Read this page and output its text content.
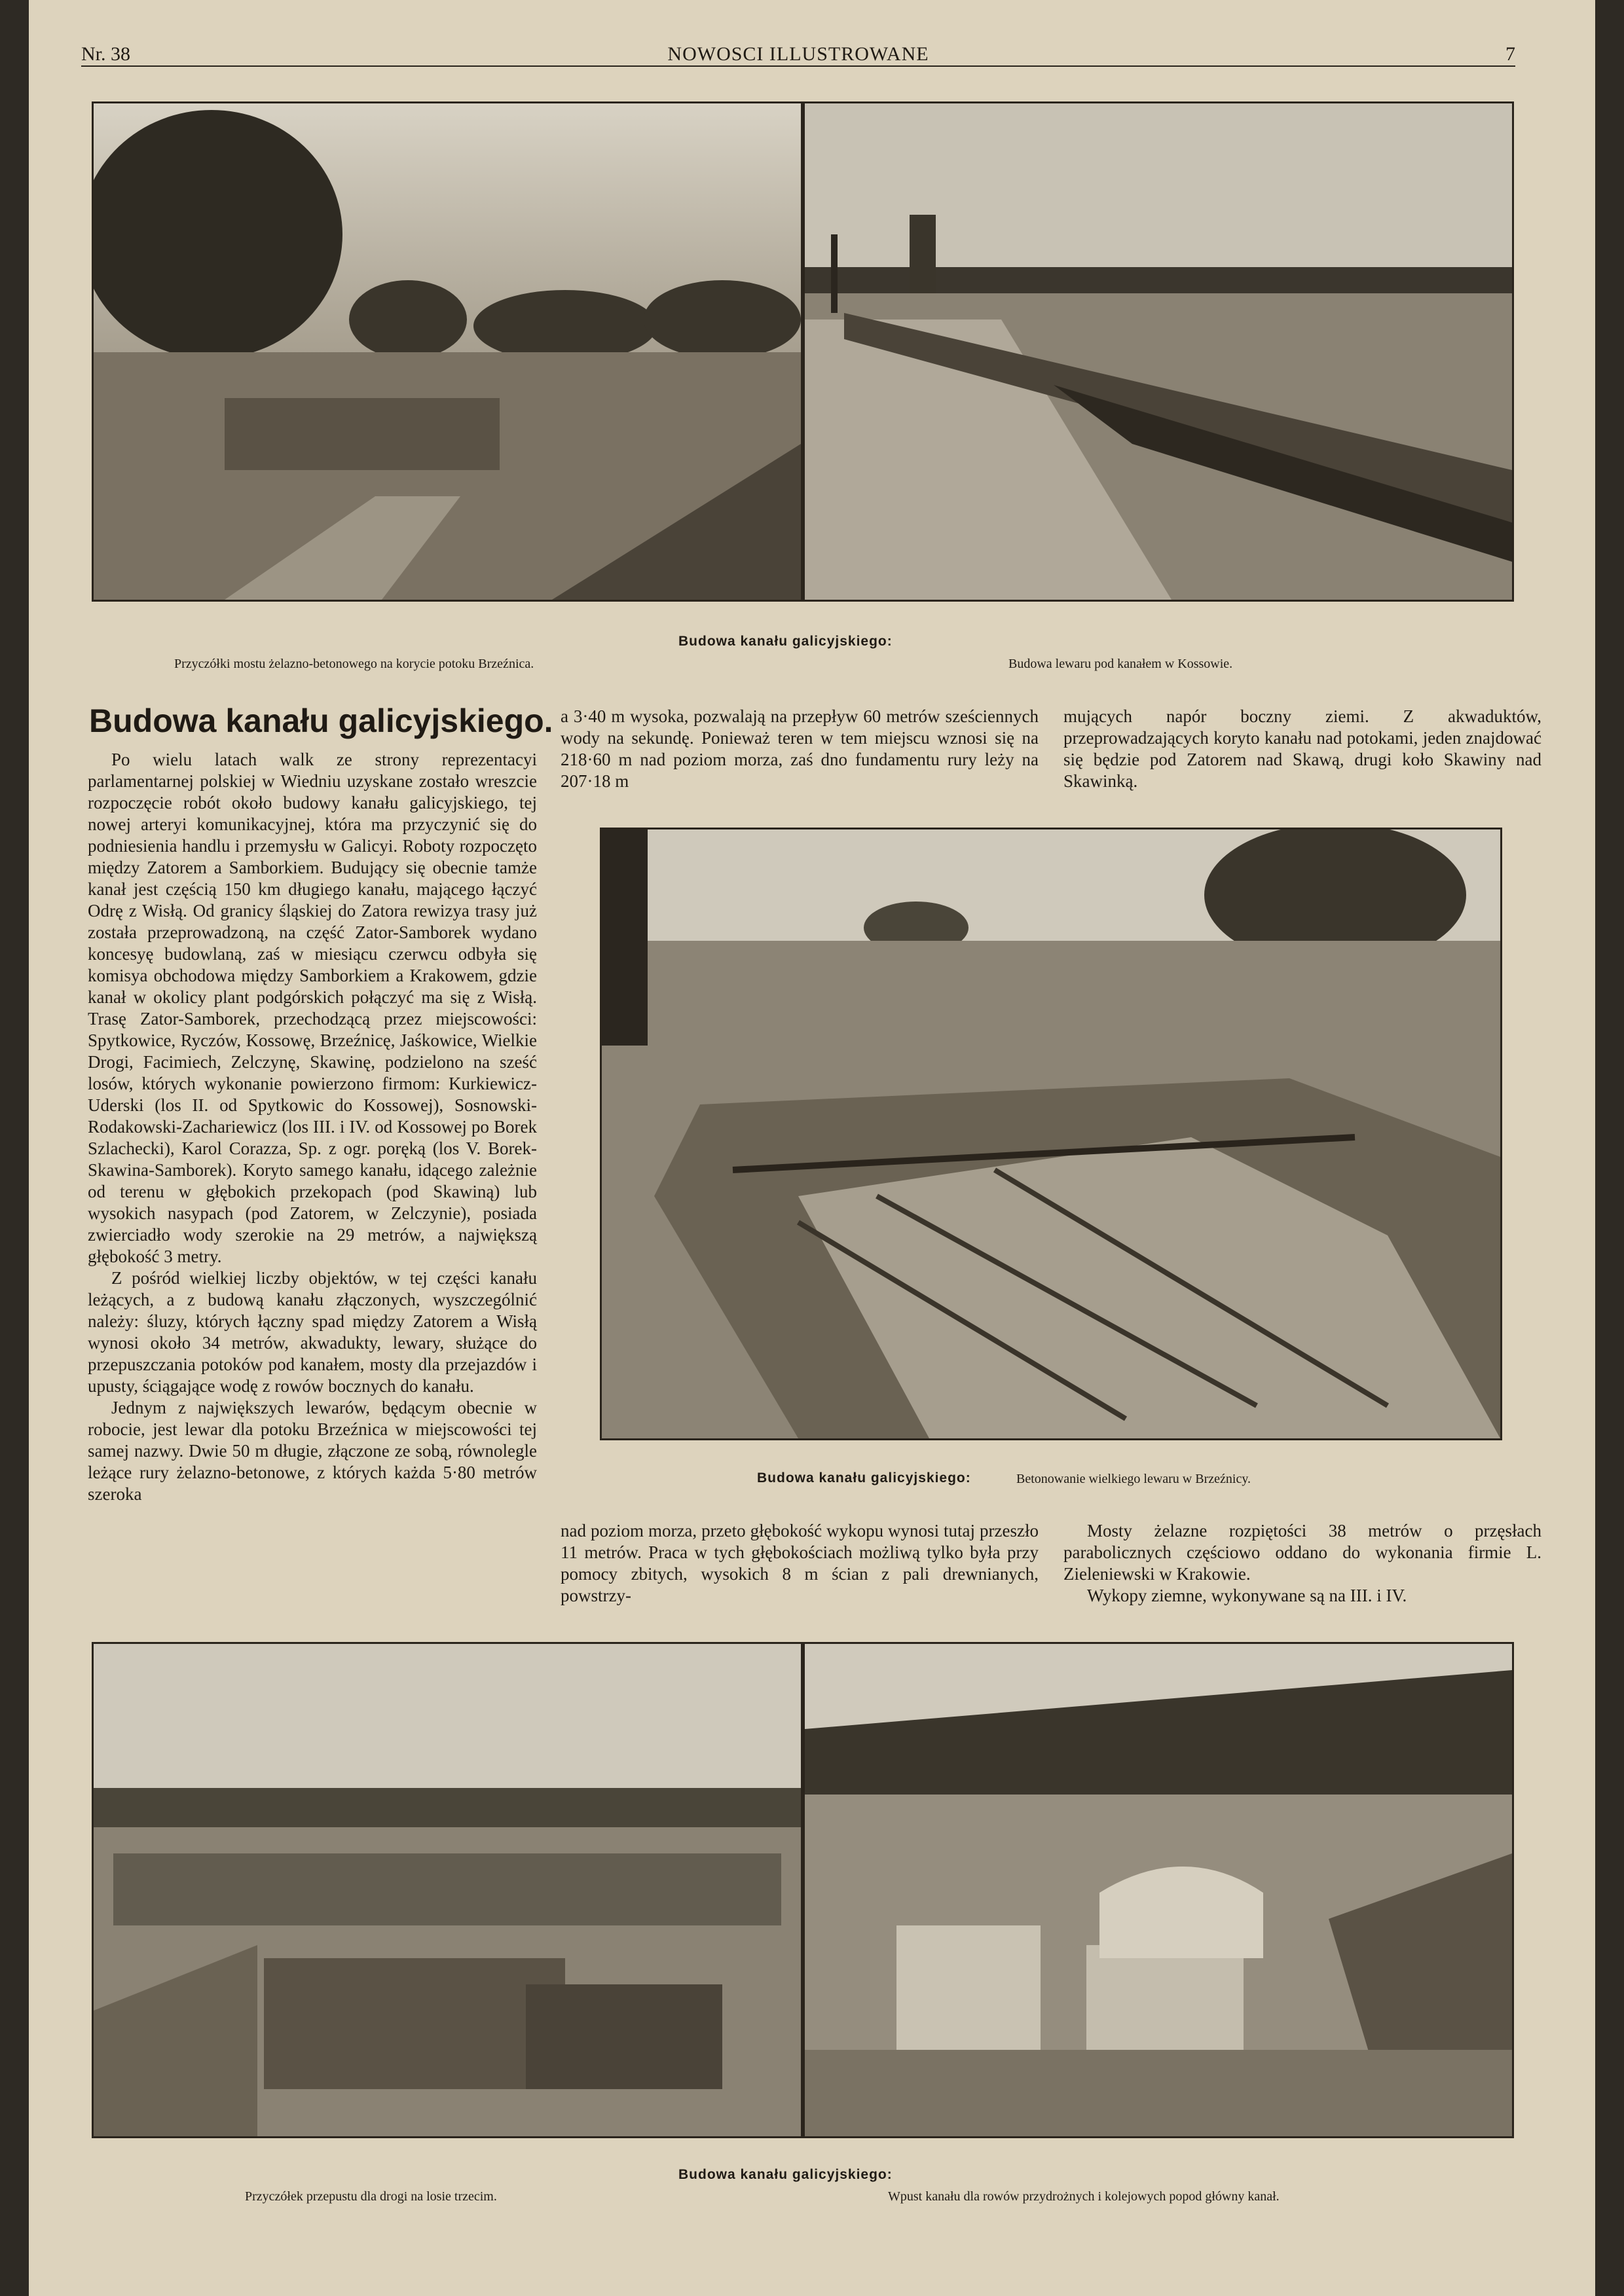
Nr. 38	NOWOSCI ILLUSTROWANE	7
Budowa kanału galicyjskiego:
Przyczółki mostu żelazno-betonowego na korycie potoku Brzeźnica.	Budowa lewaru pod kanałem w Kossowie.
Budowa kanału galicyjskiego.

Po wielu latach walk ze strony reprezentacyi parlamentarnej polskiej w Wiedniu uzyskane zostało wreszcie rozpoczęcie robót około budowy kanału galicyjskiego, tej nowej arteryi komunikacyjnej, która ma przyczynić się do podniesienia handlu i przemysłu w Galicyi. Roboty rozpoczęto między Zatorem a Samborkiem. Budujący się obecnie tamże kanał jest częścią 150 km długiego kanału, mającego łączyć Odrę z Wisłą. Od granicy śląskiej do Zatora rewizya trasy już została przeprowadzoną, na część Zator-Samborek wydano koncesyę budowlaną, zaś w miesiącu czerwcu odbyła się komisya obchodowa między Samborkiem a Krakowem, gdzie kanał w okolicy plant podgórskich połączyć ma się z Wisłą. Trasę Zator-Samborek, przechodzącą przez miejscowości: Spytkowice, Ryczów, Kossowę, Brzeźnicę, Jaśkowice, Wielkie Drogi, Facimiech, Zelczynę, Skawinę, podzielono na sześć losów, których wykonanie powierzono firmom: Kurkiewicz-Uderski (los II. od Spytkowic do Kossowej), Sosnowski-Rodakowski-Zachariewicz (los III. i IV. od Kossowej po Borek Szlachecki), Karol Corazza, Sp. z ogr. poręką (los V. Borek-Skawina-Samborek). Koryto samego kanału, idącego zależnie od terenu w głębokich przekopach (pod Skawiną) lub wysokich nasypach (pod Zatorem, w Zelczynie), posiada zwierciadło wody szerokie na 29 metrów, a największą głębokość 3 metry.

Z pośród wielkiej liczby objektów, w tej części kanału leżących, a z budową kanału złączonych, wyszczególnić należy: śluzy, których łączny spad między Zatorem a Wisłą wynosi około 34 metrów, akwadukty, lewary, służące do przepuszczania potoków pod kanałem, mosty dla przejazdów i upusty, ściągające wodę z rowów bocznych do kanału.

Jednym z największych lewarów, będącym obecnie w robocie, jest lewar dla potoku Brzeźnica w miejscowości tej samej nazwy. Dwie 50 m długie, złączone ze sobą, równolegle leżące rury żelazno-betonowe, z których każda 5·80 metrów szeroka

a 3·40 m wysoka, pozwalają na przepływ 60 metrów sześciennych wody na sekundę. Ponieważ teren w tem miejscu wznosi się na 218·60 m nad poziom morza, zaś dno fundamentu rury leży na 207·18 m

mujących napór boczny ziemi. Z akwaduktów, przeprowadzających koryto kanału nad potokami, jeden znajdować się będzie pod Zatorem nad Skawą, drugi koło Skawiny nad Skawinką.

Budowa kanału galicyjskiego:	Betonowanie wielkiego lewaru w Brzeźnicy.

nad poziom morza, przeto głębokość wykopu wynosi tutaj przeszło 11 metrów. Praca w tych głębokościach możliwą tylko była przy pomocy zbitych, wysokich 8 m ścian z pali drewnianych, powstrzy-

Mosty żelazne rozpiętości 38 metrów o przęsłach parabolicznych częściowo oddano do wykonania firmie L. Zieleniewski w Krakowie.

Wykopy ziemne, wykonywane są na III. i IV.

Budowa kanału galicyjskiego:
Przyczółek przepustu dla drogi na losie trzecim.	Wpust kanału dla rowów przydrożnych i kolejowych popod główny kanał.
